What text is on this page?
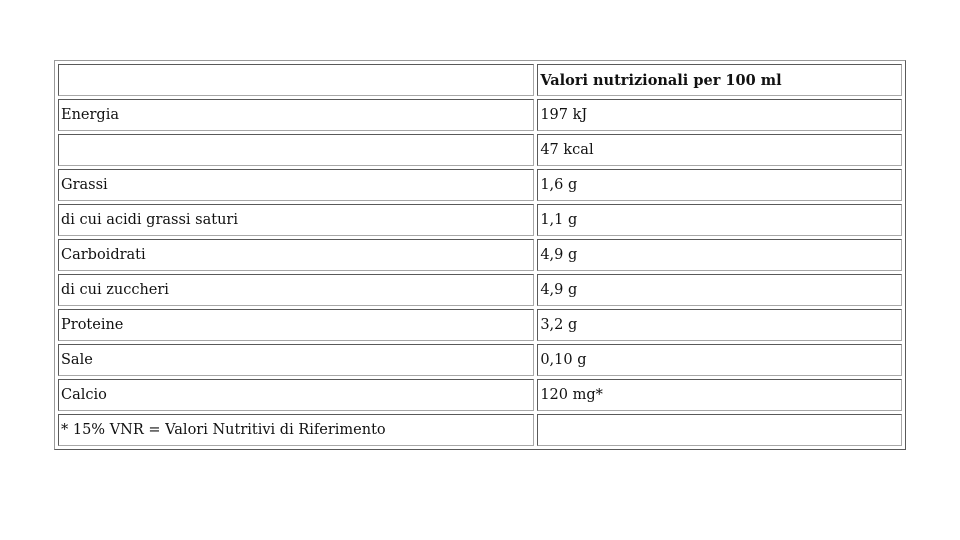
	Valori nutrizionali per 100 ml
Energia	197 kJ
	47 kcal
Grassi	1,6 g
di cui acidi grassi saturi	1,1 g
Carboidrati	4,9 g
di cui zuccheri	4,9 g
Proteine	3,2 g
Sale	0,10 g
Calcio	120 mg*
* 15% VNR = Valori Nutritivi di Riferimento	
